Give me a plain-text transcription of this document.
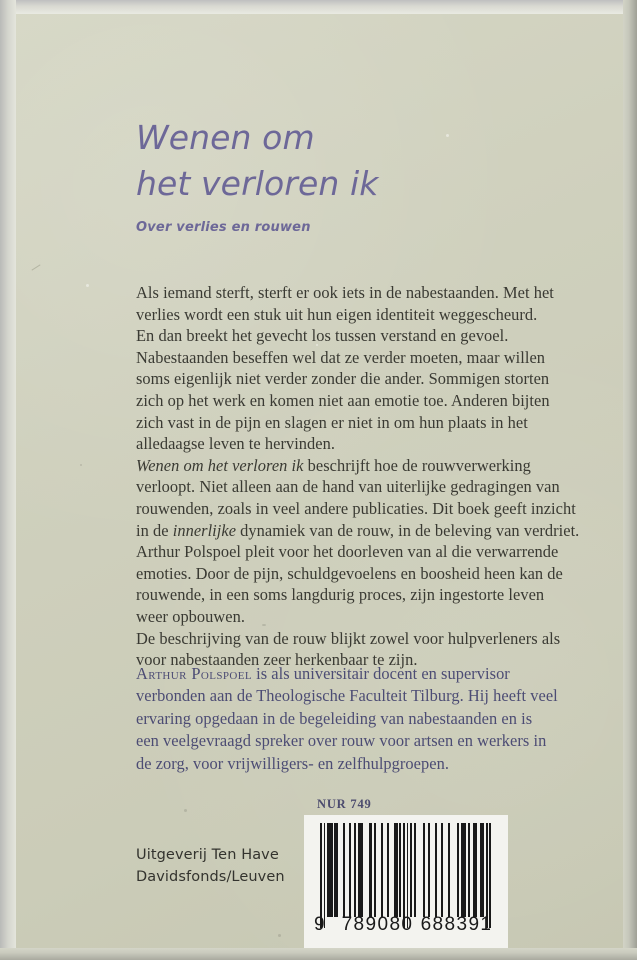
Wenen om
het verloren ik
Over verlies en rouwen

Als iemand sterft, sterft er ook iets in de nabestaanden. Met het
verlies wordt een stuk uit hun eigen identiteit weggescheurd.
En dan breekt het gevecht los tussen verstand en gevoel.
Nabestaanden beseffen wel dat ze verder moeten, maar willen
soms eigenlijk niet verder zonder die ander. Sommigen storten
zich op het werk en komen niet aan emotie toe. Anderen bijten
zich vast in de pijn en slagen er niet in om hun plaats in het
alledaagse leven te hervinden.

Wenen om het verloren ik beschrijft hoe de rouwverwerking
verloopt. Niet alleen aan de hand van uiterlijke gedragingen van
rouwenden, zoals in veel andere publicaties. Dit boek geeft inzicht
in de innerlijke dynamiek van de rouw, in de beleving van verdriet.
Arthur Polspoel pleit voor het doorleven van al die verwarrende
emoties. Door de pijn, schuldgevoelens en boosheid heen kan de
rouwende, in een soms langdurig proces, zijn ingestorte leven
weer opbouwen.
De beschrijving van de rouw blijkt zowel voor hulpverleners als
voor nabestaanden zeer herkenbaar te zijn.

Arthur Polspoel is als universitair docent en supervisor
verbonden aan de Theologische Faculteit Tilburg. Hij heeft veel
ervaring opgedaan in de begeleiding van nabestaanden en is
een veelgevraagd spreker over rouw voor artsen en werkers in
de zorg, voor vrijwilligers- en zelfhulpgroepen.

Uitgeverij Ten Have
Davidsfonds/Leuven
NUR 749
9 789080 688391
